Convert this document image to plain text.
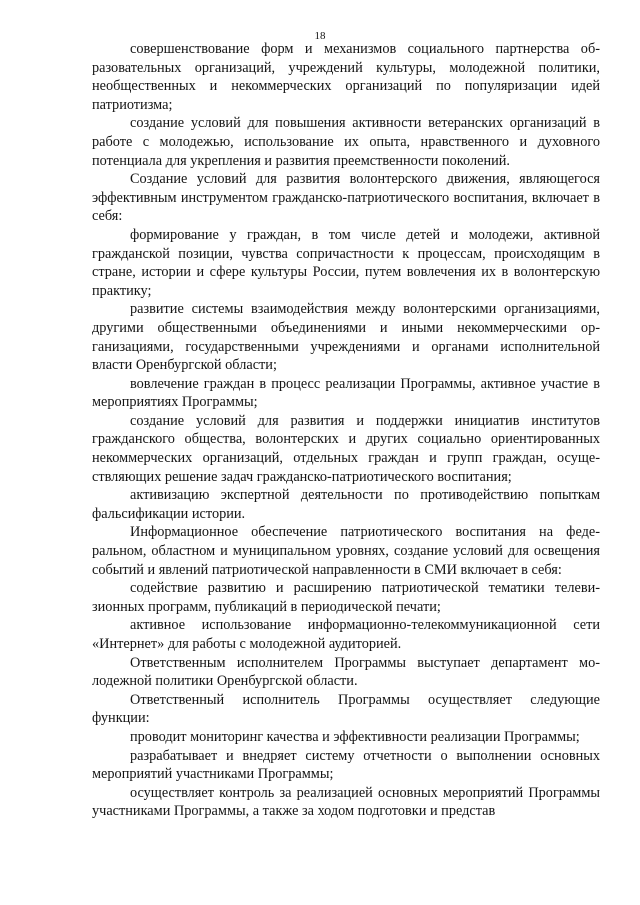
18

совершенствование форм и механизмов социального партнерства образовательных организаций, учреждений культуры, молодежной политики, необщественных и некоммерческих организаций по популяризации идей патриотизма;

создание условий для повышения активности ветеранских организаций в работе с молодежью, использование их опыта, нравственного и духовного потенциала для укрепления и развития преемственности поколений.

Создание условий для развития волонтерского движения, являющегося эффективным инструментом гражданско-патриотического воспитания, включает в себя:

формирование у граждан, в том числе детей и молодежи, активной гражданской позиции, чувства сопричастности к процессам, происходящим в стране, истории и сфере культуры России, путем вовлечения их в волонтерскую практику;

развитие системы взаимодействия между волонтерскими организациями, другими общественными объединениями и иными некоммерческими организациями, государственными учреждениями и органами исполнительной власти Оренбургской области;

вовлечение граждан в процесс реализации Программы, активное участие в мероприятиях Программы;

создание условий для развития и поддержки инициатив институтов гражданского общества, волонтерских и других социально ориентированных некоммерческих организаций, отдельных граждан и групп граждан, осуществляющих решение задач гражданско-патриотического воспитания;

активизацию экспертной деятельности по противодействию попыткам фальсификации истории.

Информационное обеспечение патриотического воспитания на федеральном, областном и муниципальном уровнях, создание условий для освещения событий и явлений патриотической направленности в СМИ включает в себя:

содействие развитию и расширению патриотической тематики телевизионных программ, публикаций в периодической печати;

активное использование информационно-телекоммуникационной сети «Интернет» для работы с молодежной аудиторией.

Ответственным исполнителем Программы выступает департамент молодежной политики Оренбургской области.

Ответственный исполнитель Программы осуществляет следующие функции:

проводит мониторинг качества и эффективности реализации Программы;

разрабатывает и внедряет систему отчетности о выполнении основных мероприятий участниками Программы;

осуществляет контроль за реализацией основных мероприятий Программы участниками Программы, а также за ходом подготовки и представ
